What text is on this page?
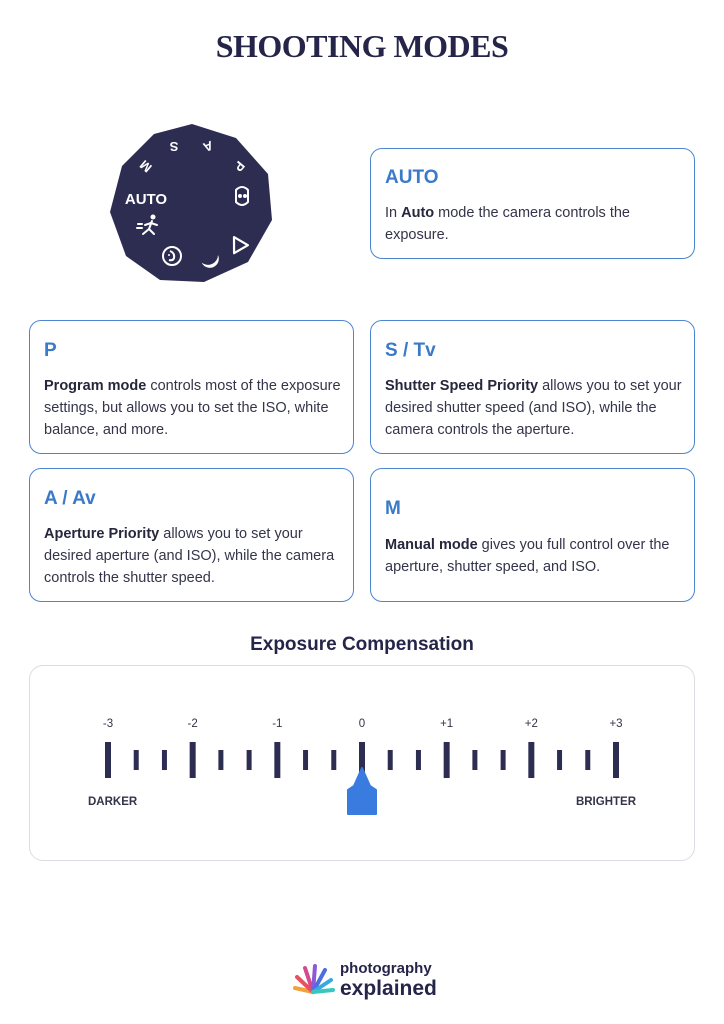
SHOOTING MODES
S A
M	P
AUTO
AUTO
In Auto mode the camera controls the exposure.
P
Program mode controls most of the exposure settings, but allows you to set the ISO, white balance, and more.
S / Tv
Shutter Speed Priority allows you to set your desired shutter speed (and ISO), while the camera controls the aperture.
A / Av
Aperture Priority allows you to set your desired aperture (and ISO), while the camera controls the shutter speed.
M
Manual mode gives you full control over the aperture, shutter speed, and ISO.
Exposure Compensation
-3	-2	-1	0	+1	+2	+3
DARKER	BRIGHTER
photography
explained
